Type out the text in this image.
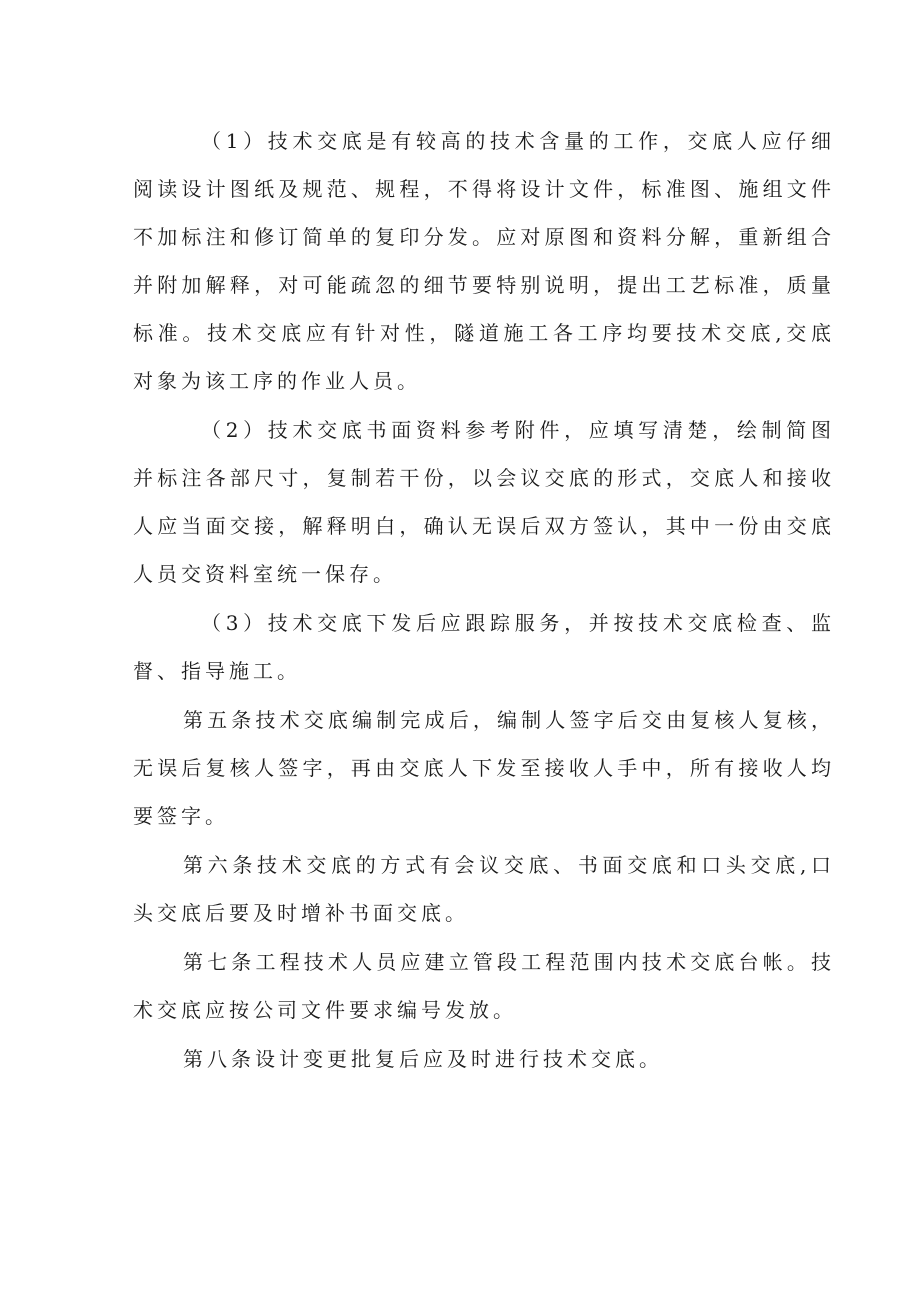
（1）技术交底是有较高的技术含量的工作，交底人应仔细阅读设计图纸及规范、规程，不得将设计文件，标准图、施组文件不加标注和修订简单的复印分发。应对原图和资料分解，重新组合并附加解释，对可能疏忽的细节要特别说明，提出工艺标准，质量标准。技术交底应有针对性，隧道施工各工序均要技术交底,交底对象为该工序的作业人员。

（2）技术交底书面资料参考附件，应填写清楚，绘制简图并标注各部尺寸，复制若干份，以会议交底的形式，交底人和接收人应当面交接，解释明白，确认无误后双方签认，其中一份由交底人员交资料室统一保存。

（3）技术交底下发后应跟踪服务，并按技术交底检查、监督、指导施工。

第五条技术交底编制完成后，编制人签字后交由复核人复核，无误后复核人签字，再由交底人下发至接收人手中，所有接收人均要签字。

第六条技术交底的方式有会议交底、书面交底和口头交底,口头交底后要及时增补书面交底。

第七条工程技术人员应建立管段工程范围内技术交底台帐。技术交底应按公司文件要求编号发放。

第八条设计变更批复后应及时进行技术交底。
